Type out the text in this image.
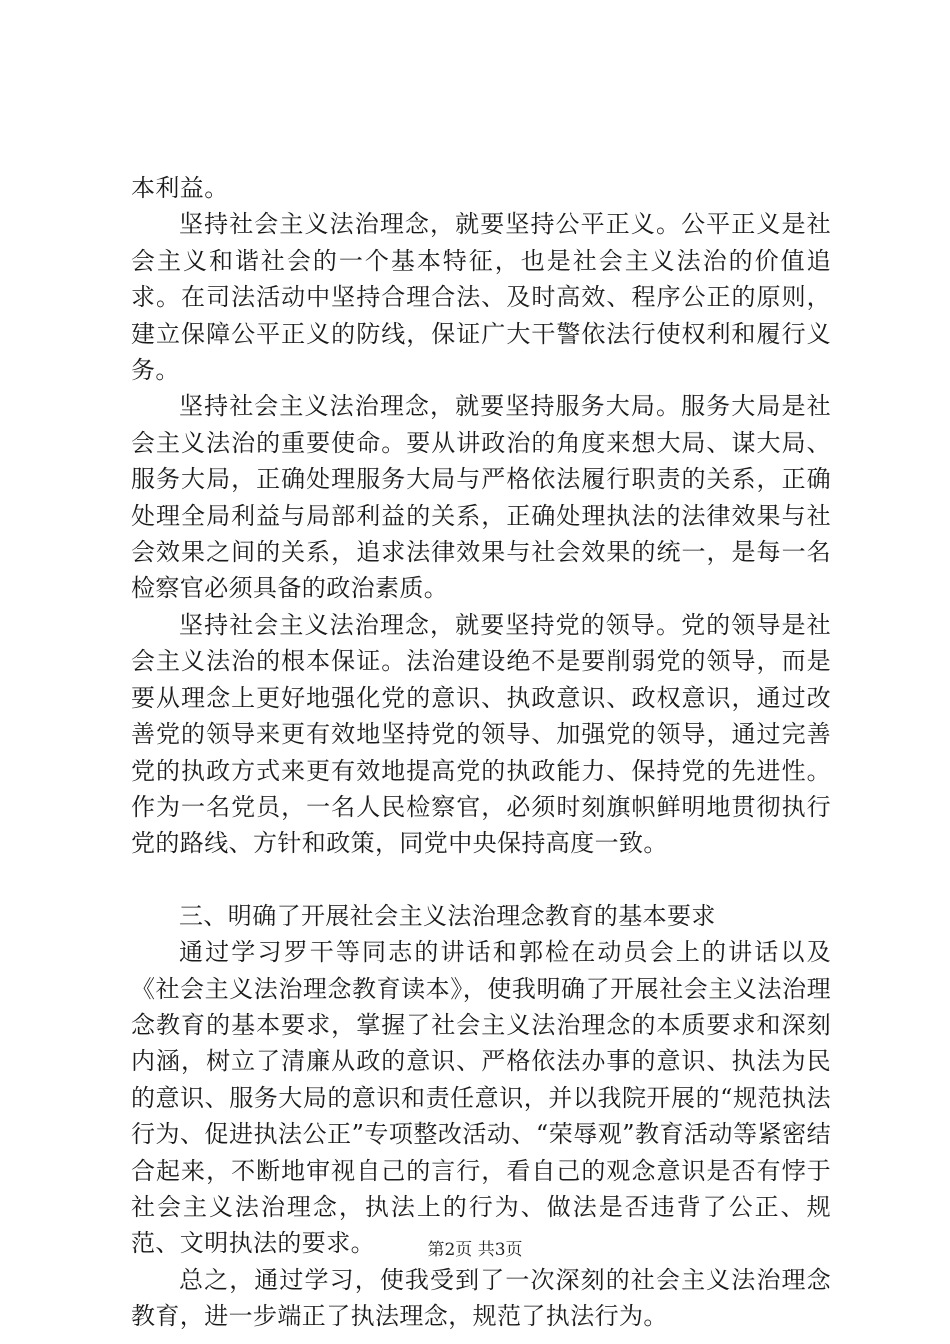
本利益。

坚持社会主义法治理念，就要坚持公平正义。公平正义是社会主义和谐社会的一个基本特征，也是社会主义法治的价值追求。在司法活动中坚持合理合法、及时高效、程序公正的原则，建立保障公平正义的防线，保证广大干警依法行使权利和履行义务。

坚持社会主义法治理念，就要坚持服务大局。服务大局是社会主义法治的重要使命。要从讲政治的角度来想大局、谋大局、服务大局，正确处理服务大局与严格依法履行职责的关系，正确处理全局利益与局部利益的关系，正确处理执法的法律效果与社会效果之间的关系，追求法律效果与社会效果的统一，是每一名检察官必须具备的政治素质。

坚持社会主义法治理念，就要坚持党的领导。党的领导是社会主义法治的根本保证。法治建设绝不是要削弱党的领导，而是要从理念上更好地强化党的意识、执政意识、政权意识，通过改善党的领导来更有效地坚持党的领导、加强党的领导，通过完善党的执政方式来更有效地提高党的执政能力、保持党的先进性。作为一名党员，一名人民检察官，必须时刻旗帜鲜明地贯彻执行党的路线、方针和政策，同党中央保持高度一致。

三、明确了开展社会主义法治理念教育的基本要求

通过学习罗干等同志的讲话和郭检在动员会上的讲话以及《社会主义法治理念教育读本》，使我明确了开展社会主义法治理念教育的基本要求，掌握了社会主义法治理念的本质要求和深刻内涵，树立了清廉从政的意识、严格依法办事的意识、执法为民的意识、服务大局的意识和责任意识，并以我院开展的“规范执法行为、促进执法公正”专项整改活动、“荣辱观”教育活动等紧密结合起来，不断地审视自己的言行，看自己的观念意识是否有悖于社会主义法治理念，执法上的行为、做法是否违背了公正、规范、文明执法的要求。

总之，通过学习，使我受到了一次深刻的社会主义法治理念教育，进一步端正了执法理念，规范了执法行为。

第2页 共3页
